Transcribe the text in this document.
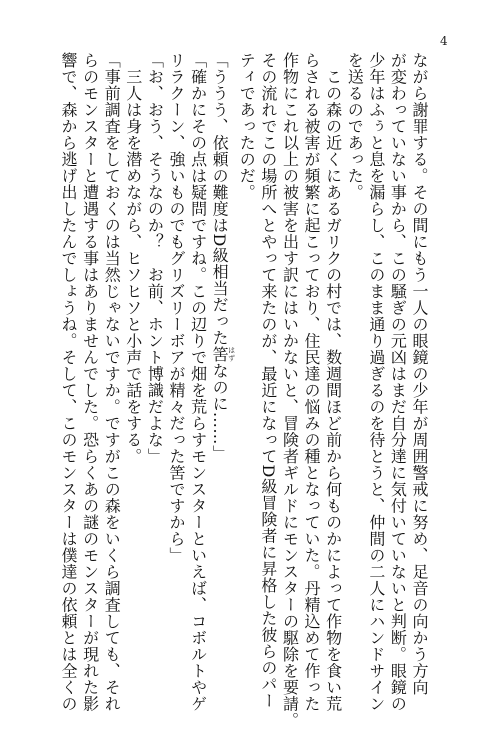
4
ながら謝罪する。その間にもう一人の眼鏡の少年が周囲警戒に努め、足音の向かう方向
が変わっていない事から、この騒ぎの元凶はまだ自分達に気付いていないと判断。眼鏡の
少年はふぅと息を漏らし、このまま通り過ぎるのを待とうと、仲間の二人にハンドサイン
を送るのであった。
　この森の近くにあるガリクの村では、数週間ほど前から何ものかによって作物を食い荒
らされる被害が頻繁に起こっており、住民達の悩みの種となっていた。丹精込めて作った
作物にこれ以上の被害を出す訳にはいかないと、冒険者ギルドにモンスターの駆除を要請。
その流れでこの場所へとやって来たのが、最近になってD級冒険者に昇格した彼らのパー
ティであったのだ。
「ううう、依頼の難度はD級相当だった筈はずなのに……」
「確かにその点は疑問ですね。この辺りで畑を荒らすモンスターといえば、コボルトやゲ
リラクーン、強いものでもグリズリーボアが精々だった筈ですから」
「お、おう、そうなのか？　お前、ホント博識だよな」
　三人は身を潜めながら、ヒソヒソと小声で話をする。
「事前調査をしておくのは当然じゃないですか。ですがこの森をいくら調査しても、それ
らのモンスターと遭遇する事はありませんでした。恐らくあの謎のモンスターが現れた影
響で、森から逃げ出したんでしょうね。そして、このモンスターは僕達の依頼とは全くの
